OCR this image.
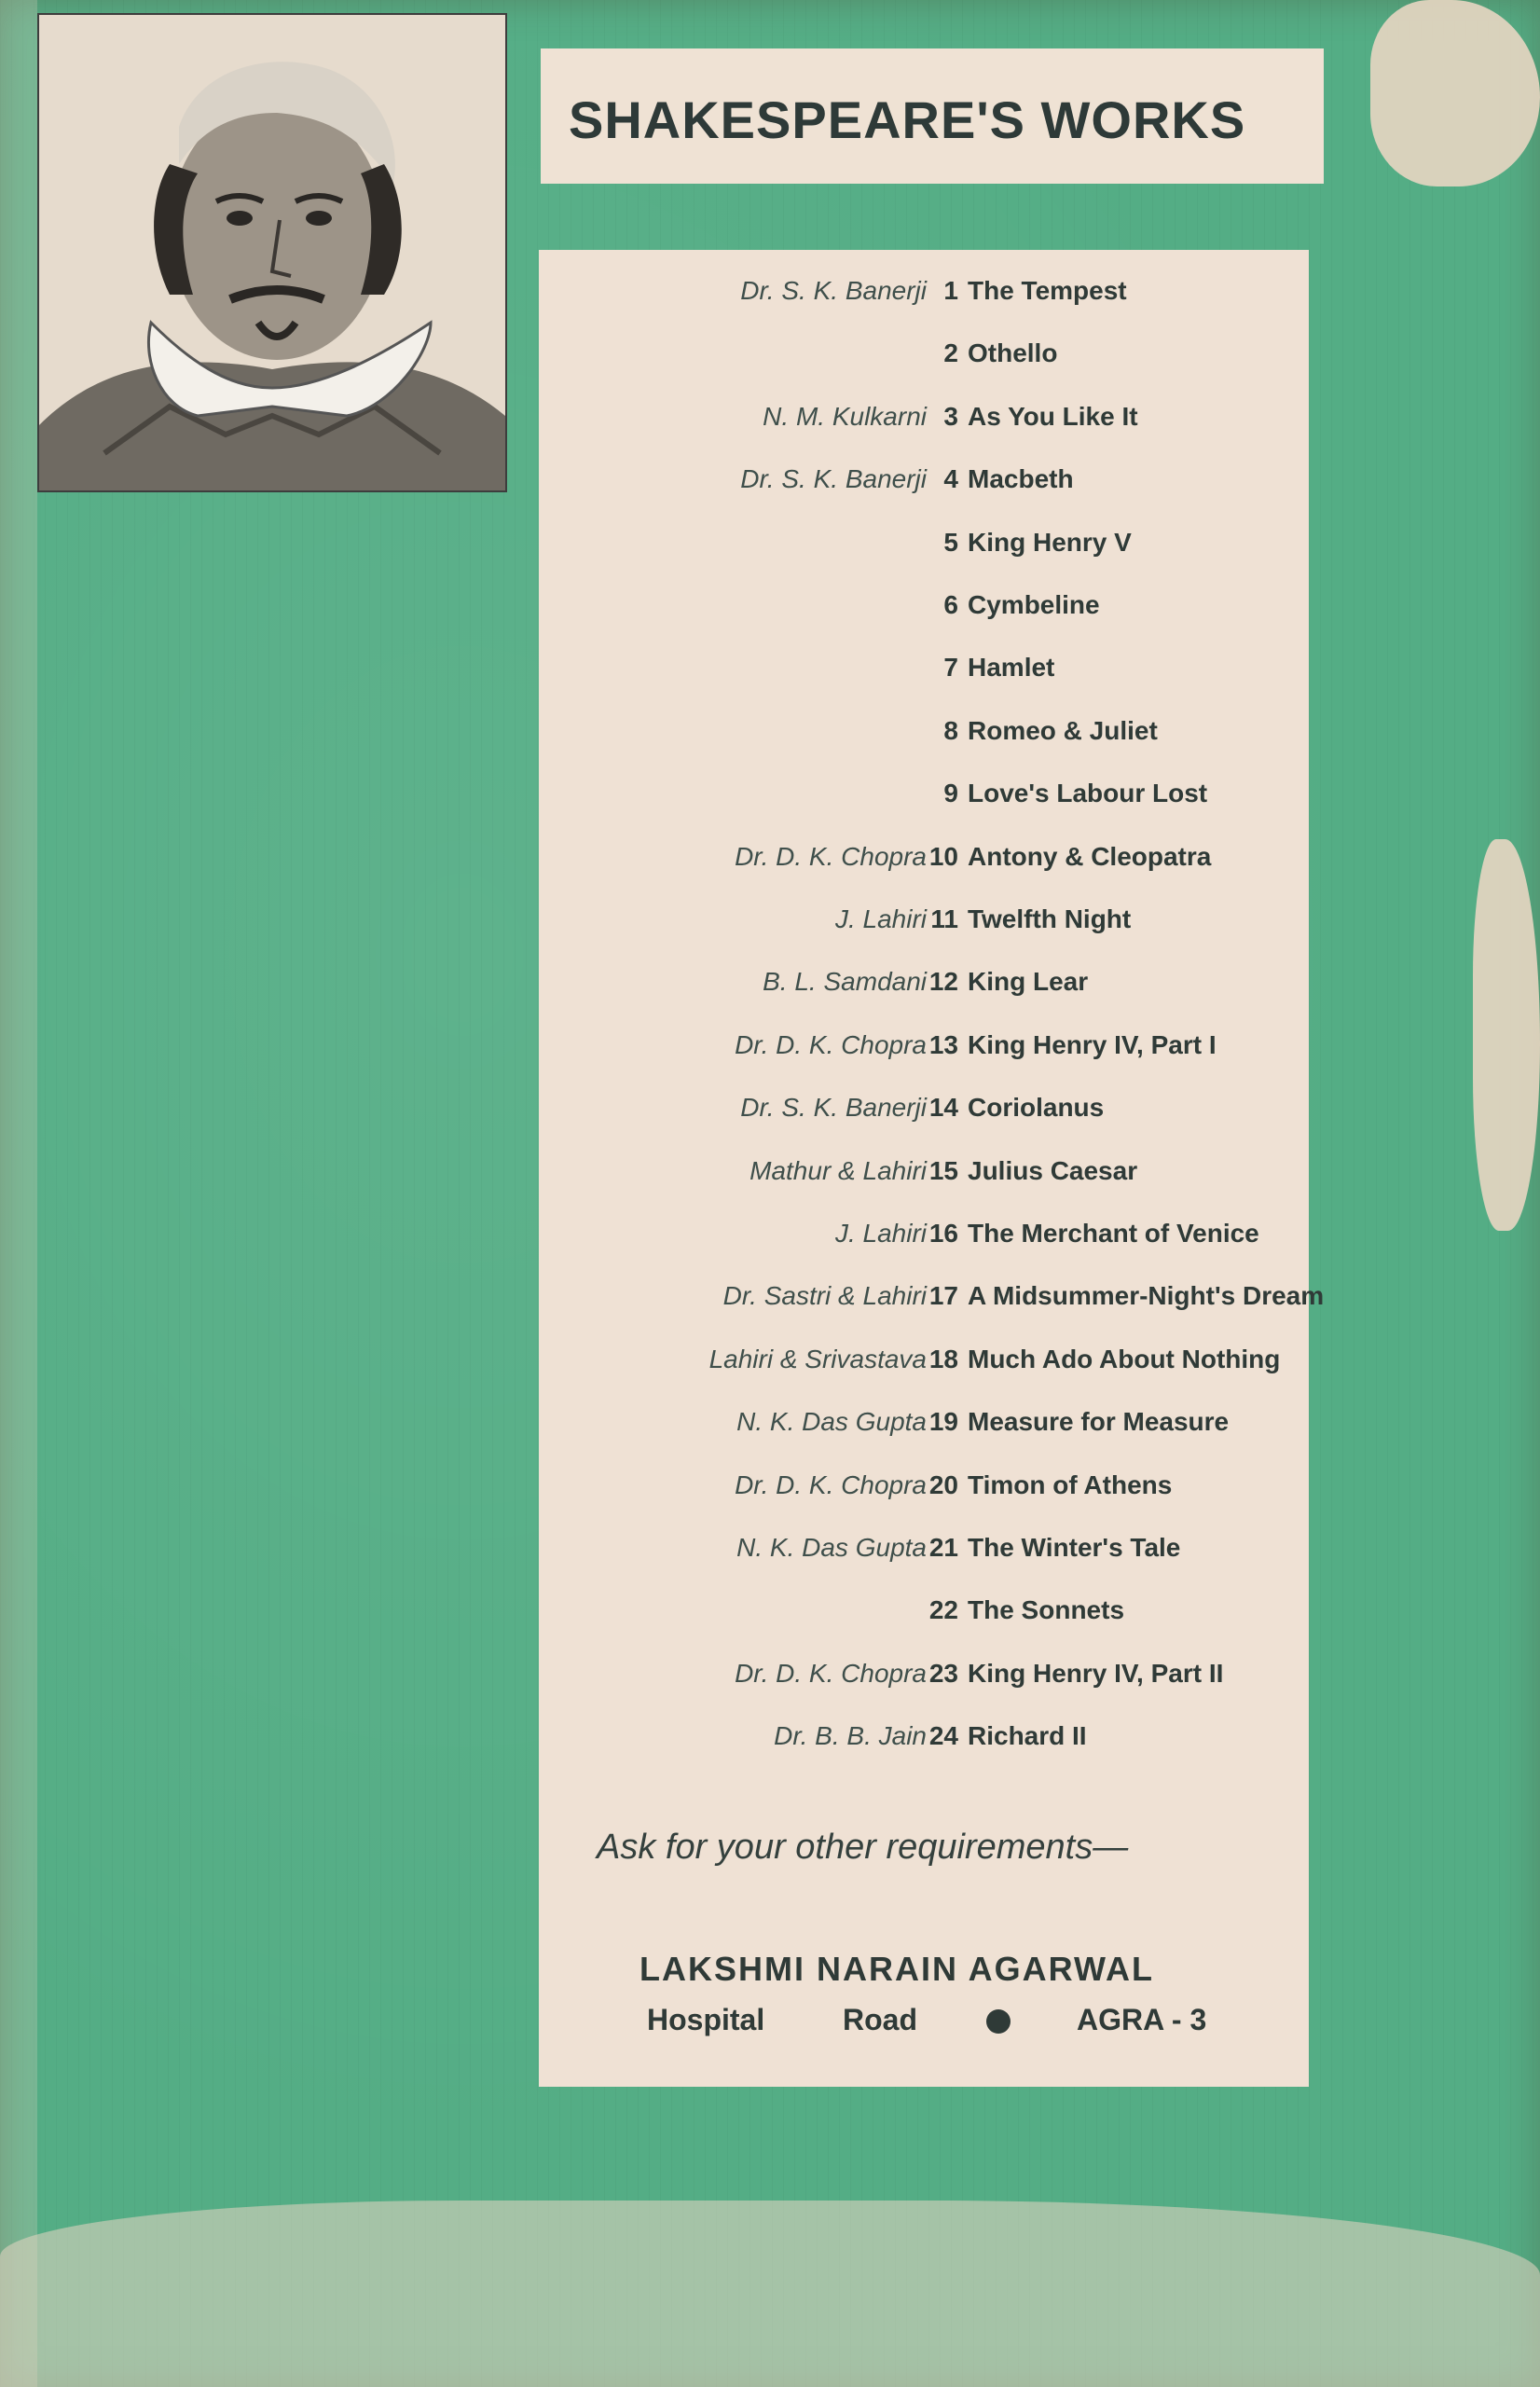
SHAKESPEARE'S WORKS
Dr. S. K. Banerji 1 The Tempest
2 Othello
N. M. Kulkarni 3 As You Like It
Dr. S. K. Banerji 4 Macbeth
5 King Henry V
6 Cymbeline
7 Hamlet
8 Romeo & Juliet
9 Love's Labour Lost
Dr. D. K. Chopra 10 Antony & Cleopatra
J. Lahiri 11 Twelfth Night
B. L. Samdani 12 King Lear
Dr. D. K. Chopra 13 King Henry IV, Part I
Dr. S. K. Banerji 14 Coriolanus
Mathur & Lahiri 15 Julius Caesar
J. Lahiri 16 The Merchant of Venice
Dr. Sastri & Lahiri 17 A Midsummer-Night's Dream
Lahiri & Srivastava 18 Much Ado About Nothing
N. K. Das Gupta 19 Measure for Measure
Dr. D. K. Chopra 20 Timon of Athens
N. K. Das Gupta 21 The Winter's Tale
22 The Sonnets
Dr. D. K. Chopra 23 King Henry IV, Part II
Dr. B. B. Jain 24 Richard II
Ask for your other requirements—
LAKSHMI NARAIN AGARWAL
Hospital	Road	AGRA - 3
